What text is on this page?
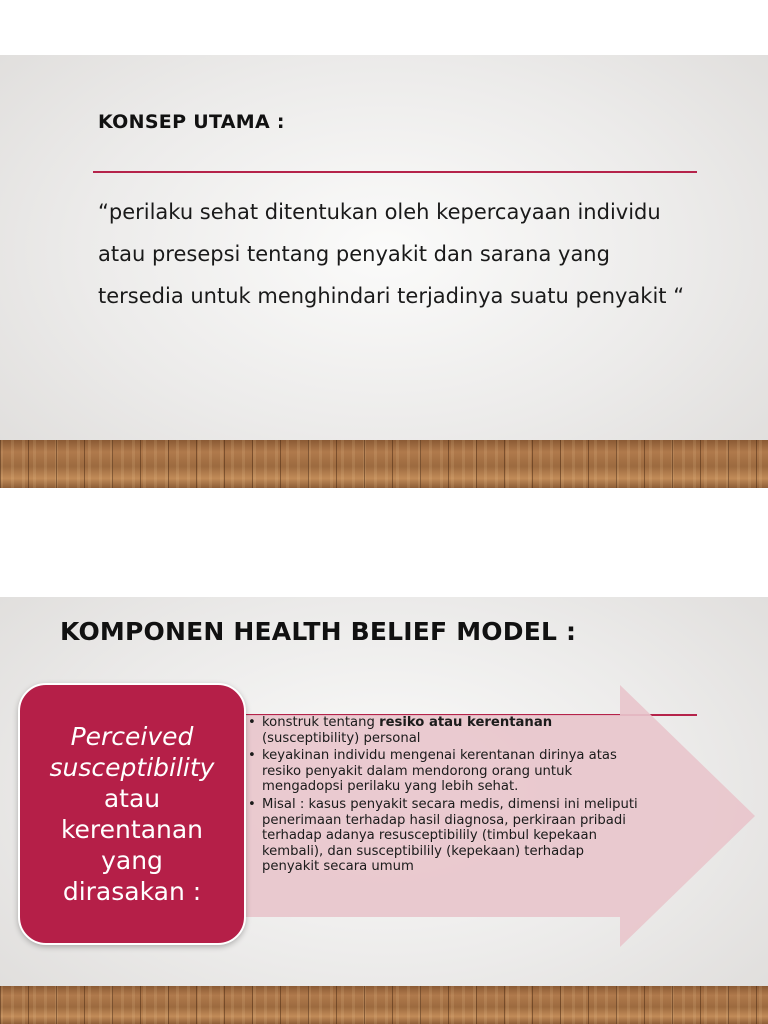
KONSEP UTAMA :

“perilaku sehat ditentukan oleh kepercayaan individu atau presepsi tentang penyakit dan sarana yang tersedia untuk menghindari terjadinya suatu penyakit “

KOMPONEN HEALTH BELIEF MODEL :
Perceived susceptibility
atau
kerentanan
yang
dirasakan :
• konstruk tentang resiko atau kerentanan (susceptibility) personal
• keyakinan individu mengenai kerentanan dirinya atas resiko penyakit dalam mendorong orang untuk mengadopsi perilaku yang lebih sehat.
• Misal : kasus penyakit secara medis, dimensi ini meliputi penerimaan terhadap hasil diagnosa, perkiraan pribadi terhadap adanya resusceptibilily (timbul kepekaan kembali), dan susceptibilily (kepekaan) terhadap penyakit secara umum
